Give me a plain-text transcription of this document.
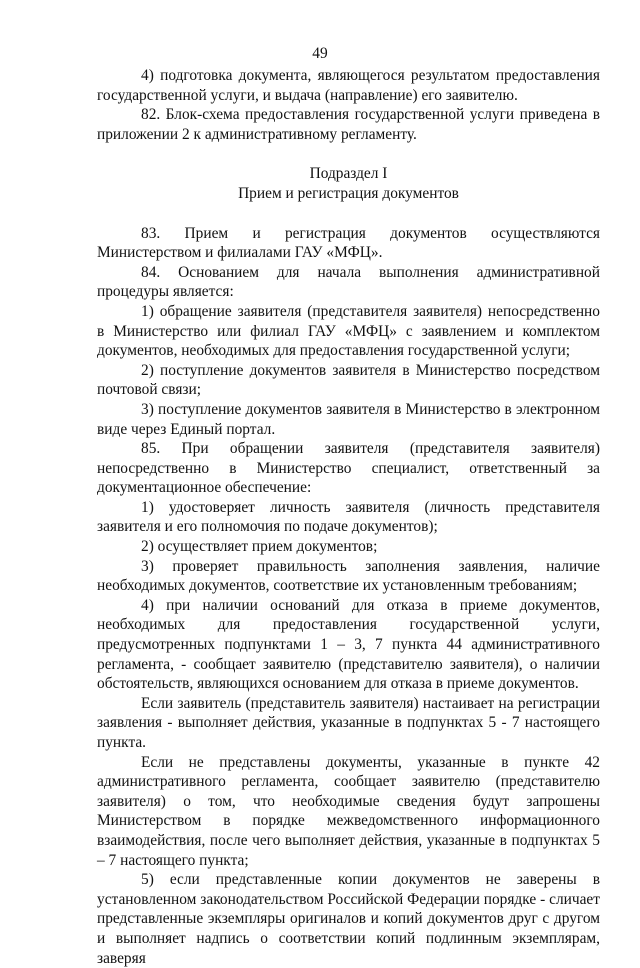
49

4) подготовка документа, являющегося результатом предоставления государственной услуги, и выдача (направление) его заявителю.

82. Блок-схема предоставления государственной услуги приведена в приложении 2 к административному регламенту.

Подраздел I

Прием и регистрация документов

83. Прием и регистрация документов осуществляются Министерством и филиалами ГАУ «МФЦ».

84. Основанием для начала выполнения административной процедуры является:

1) обращение заявителя (представителя заявителя) непосредственно в Министерство или филиал ГАУ «МФЦ» с заявлением и комплектом документов, необходимых для предоставления государственной услуги;

2) поступление документов заявителя в Министерство посредством почтовой связи;

3) поступление документов заявителя в Министерство в электронном виде через Единый портал.

85. При обращении заявителя (представителя заявителя) непосредственно в Министерство специалист, ответственный за документационное обеспечение:

1) удостоверяет личность заявителя (личность представителя заявителя и его полномочия по подаче документов);

2) осуществляет прием документов;

3) проверяет правильность заполнения заявления, наличие необходимых документов, соответствие их установленным требованиям;

4) при наличии оснований для отказа в приеме документов, необходимых для предоставления государственной услуги, предусмотренных подпунктами 1 – 3, 7 пункта 44 административного регламента, - сообщает заявителю (представителю заявителя), о наличии обстоятельств, являющихся основанием для отказа в приеме документов.

Если заявитель (представитель заявителя) настаивает на регистрации заявления - выполняет действия, указанные в подпунктах 5 - 7 настоящего пункта.

Если не представлены документы, указанные в пункте 42 административного регламента, сообщает заявителю (представителю заявителя) о том, что необходимые сведения будут запрошены Министерством в порядке межведомственного информационного взаимодействия, после чего выполняет действия, указанные в подпунктах 5 – 7 настоящего пункта;

5) если представленные копии документов не заверены в установленном законодательством Российской Федерации порядке - сличает представленные экземпляры оригиналов и копий документов друг с другом и выполняет надпись о соответствии копий подлинным экземплярам, заверяя
